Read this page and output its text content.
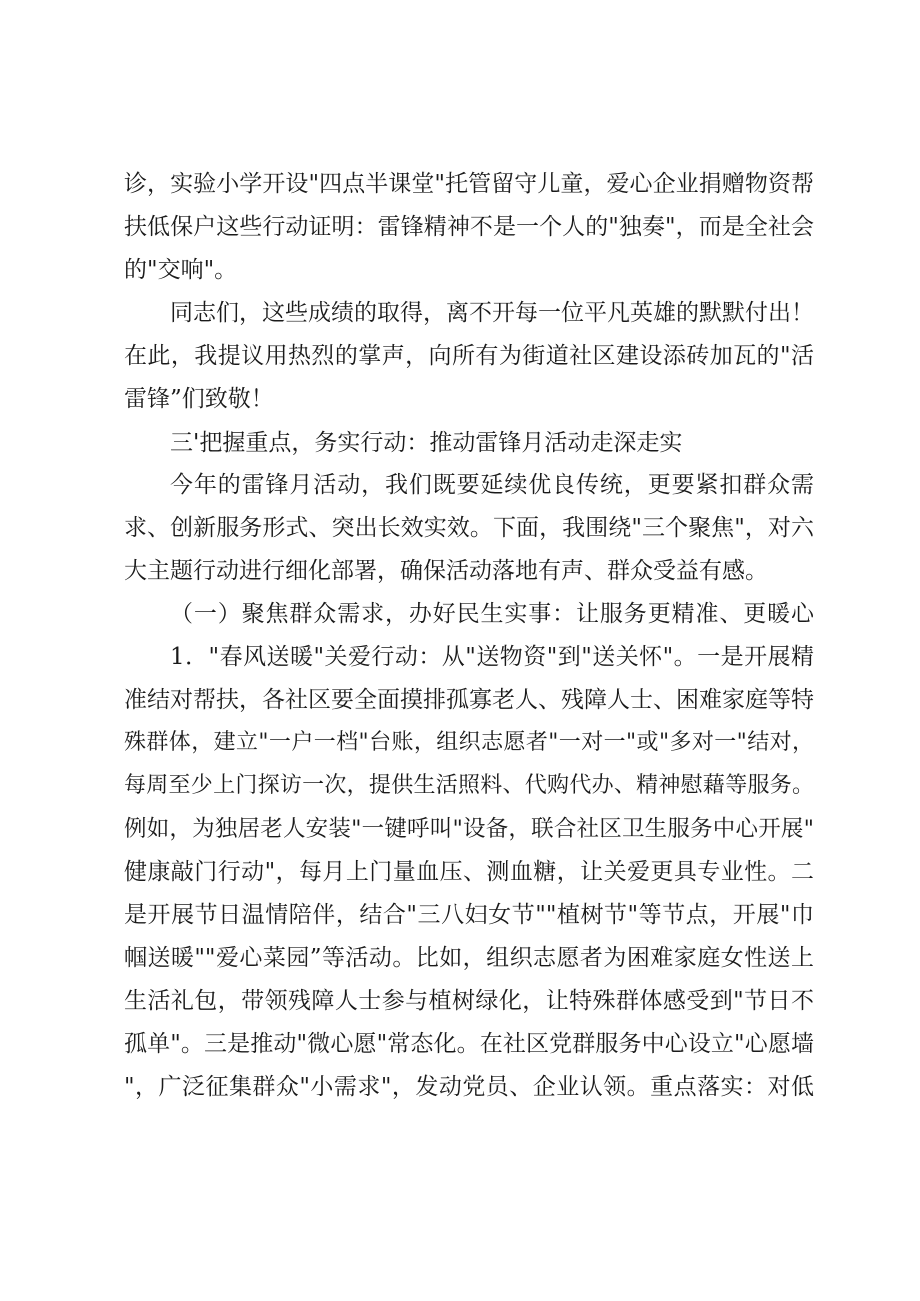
诊，实验小学开设"四点半课堂"托管留守儿童，爱心企业捐赠物资帮
扶低保户这些行动证明：雷锋精神不是一个人的"独奏"，而是全社会
的"交响"。
同志们，这些成绩的取得，离不开每一位平凡英雄的默默付出！
在此，我提议用热烈的掌声，向所有为街道社区建设添砖加瓦的"活
雷锋”们致敬！
三'把握重点，务实行动：推动雷锋月活动走深走实
今年的雷锋月活动，我们既要延续优良传统，更要紧扣群众需
求、创新服务形式、突出长效实效。下面，我围绕"三个聚焦"，对六
大主题行动进行细化部署，确保活动落地有声、群众受益有感。
（一）聚焦群众需求，办好民生实事：让服务更精准、更暖心
1．"春风送暖"关爱行动：从"送物资"到"送关怀"。一是开展精
准结对帮扶，各社区要全面摸排孤寡老人、残障人士、困难家庭等特
殊群体，建立"一户一档"台账，组织志愿者"一对一"或"多对一"结对，
每周至少上门探访一次，提供生活照料、代购代办、精神慰藉等服务。
例如，为独居老人安装"一键呼叫"设备，联合社区卫生服务中心开展"
健康敲门行动"，每月上门量血压、测血糖，让关爱更具专业性。二
是开展节日温情陪伴，结合"三八妇女节""植树节"等节点，开展"巾
帼送暖""爱心菜园”等活动。比如，组织志愿者为困难家庭女性送上
生活礼包，带领残障人士参与植树绿化，让特殊群体感受到"节日不
孤单"。三是推动"微心愿"常态化。在社区党群服务中心设立"心愿墙
"，广泛征集群众"小需求"，发动党员、企业认领。重点落实：对低
